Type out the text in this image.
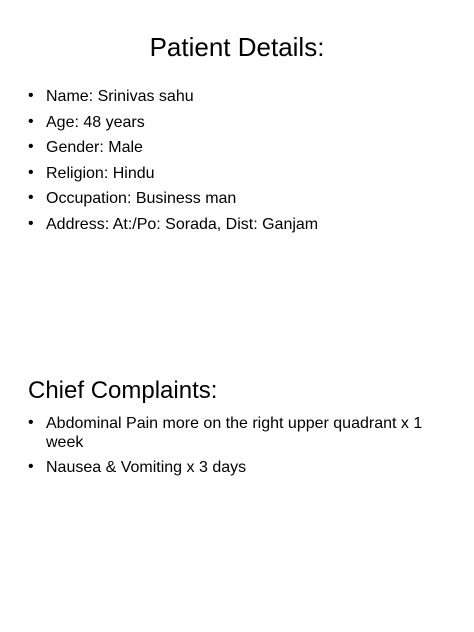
Patient Details:
• Name: Srinivas sahu
• Age: 48 years
• Gender: Male
• Religion: Hindu
• Occupation: Business man
• Address: At:/Po: Sorada, Dist: Ganjam
Chief Complaints:
• Abdominal Pain more on the right upper quadrant x 1 week
• Nausea & Vomiting x 3 days
